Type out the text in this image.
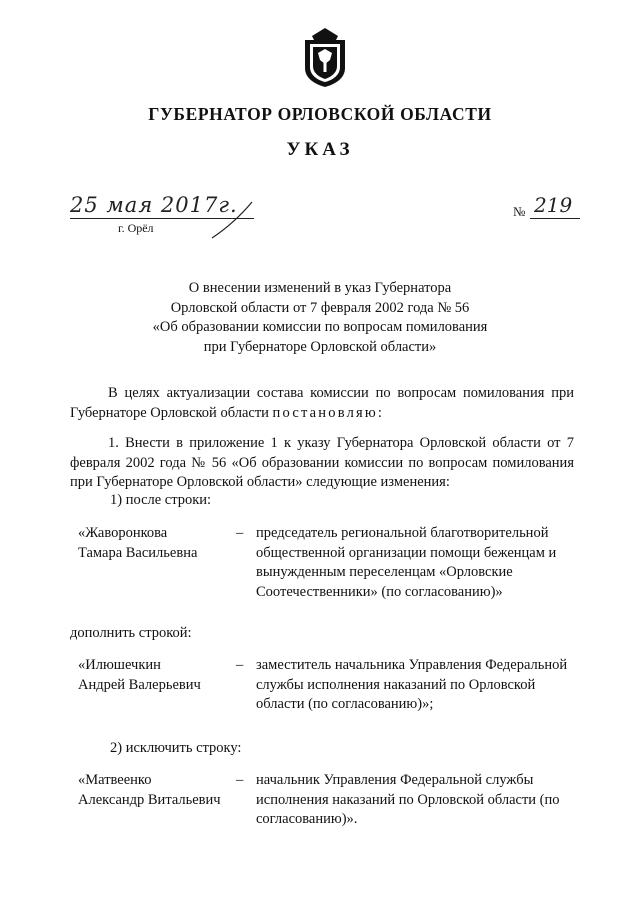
ГУБЕРНАТОР ОРЛОВСКОЙ ОБЛАСТИ
УКАЗ
25 мая 2017г.
г. Орёл
№ 219
О внесении изменений в указ Губернатора
Орловской области от 7 февраля 2002 года № 56
«Об образовании комиссии по вопросам помилования
при Губернаторе Орловской области»
В целях актуализации состава комиссии по вопросам помилования при Губернаторе Орловской области постановляю:
1. Внести в приложение 1 к указу Губернатора Орловской области от 7 февраля 2002 года № 56 «Об образовании комиссии по вопросам помилования при Губернаторе Орловской области» следующие изменения:
1) после строки:
«Жаворонкова
Тамара Васильевна
– председатель региональной благотворительной общественной организации помощи беженцам и вынужденным переселенцам «Орловские Соотечественники» (по согласованию)»
дополнить строкой:
«Илюшечкин
Андрей Валерьевич
– заместитель начальника Управления Федеральной службы исполнения наказаний по Орловской области (по согласованию)»;
2) исключить строку:
«Матвеенко
Александр Витальевич
– начальник Управления Федеральной службы исполнения наказаний по Орловской области (по согласованию)».
